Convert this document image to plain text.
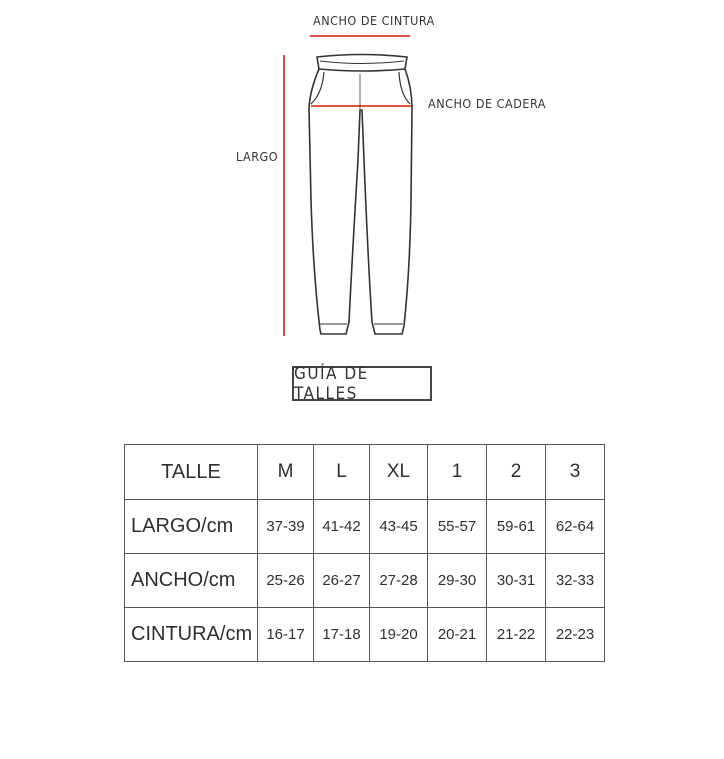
ANCHO DE CINTURA
ANCHO DE CADERA
LARGO
GUÍA DE TALLES
TALLE	M	L	XL	1	2	3
LARGO/cm	37-39	41-42	43-45	55-57	59-61	62-64
ANCHO/cm	25-26	26-27	27-28	29-30	30-31	32-33
CINTURA/cm	16-17	17-18	19-20	20-21	21-22	22-23
